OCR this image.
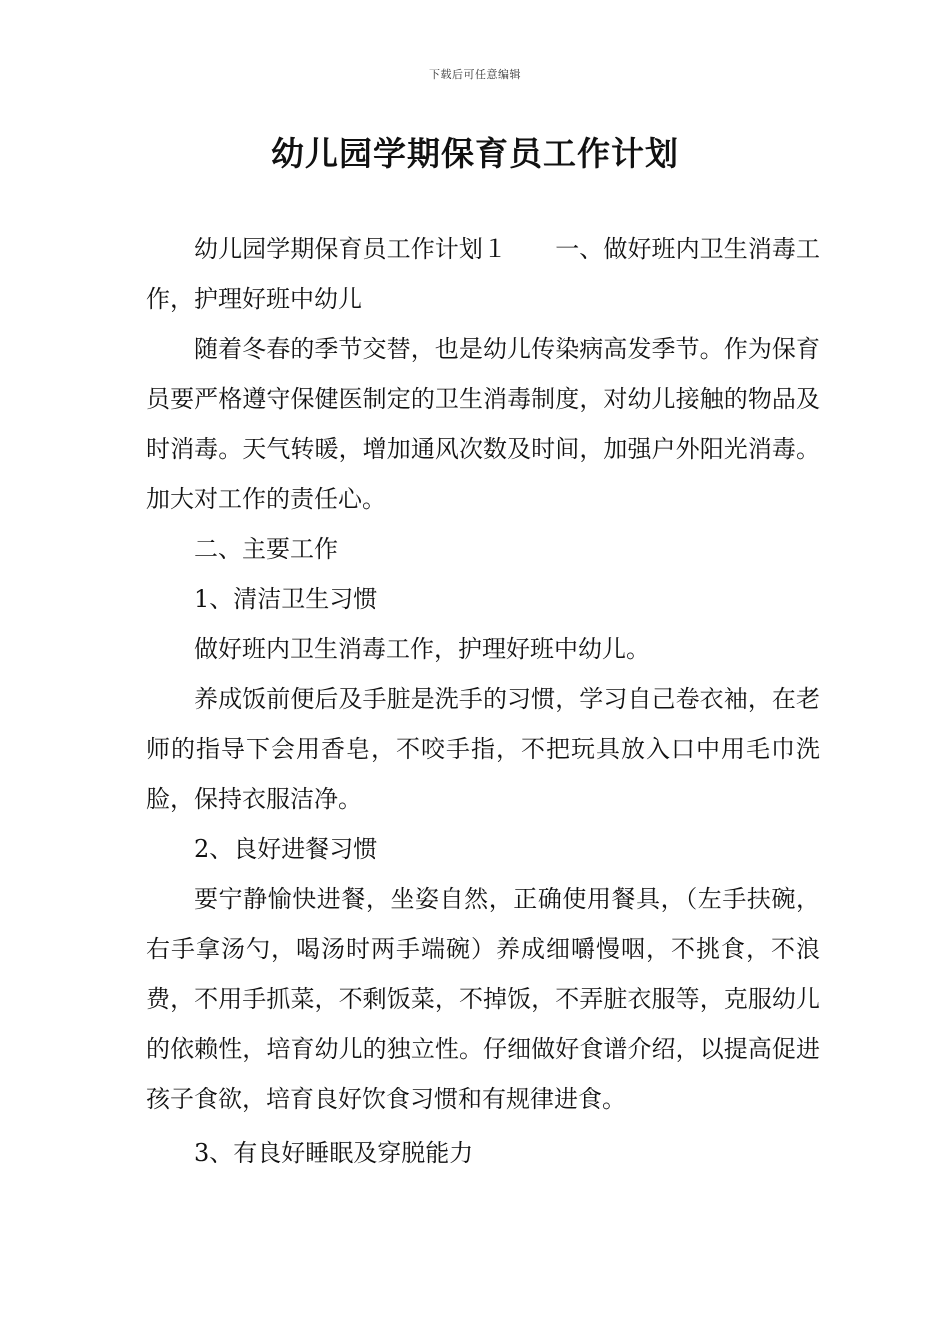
下载后可任意编辑
幼儿园学期保育员工作计划

幼儿园学期保育员工作计划１　　一、做好班内卫生消毒工作，护理好班中幼儿

随着冬春的季节交替，也是幼儿传染病高发季节。作为保育员要严格遵守保健医制定的卫生消毒制度，对幼儿接触的物品及时消毒。天气转暖，增加通风次数及时间，加强户外阳光消毒。加大对工作的责任心。

二、主要工作

1、清洁卫生习惯

做好班内卫生消毒工作，护理好班中幼儿。

养成饭前便后及手脏是洗手的习惯，学习自己卷衣袖，在老师的指导下会用香皂，不咬手指，不把玩具放入口中用毛巾洗脸，保持衣服洁净。

2、良好进餐习惯

要宁静愉快进餐，坐姿自然，正确使用餐具，（左手扶碗，右手拿汤勺，喝汤时两手端碗）养成细嚼慢咽，不挑食，不浪费，不用手抓菜，不剩饭菜，不掉饭，不弄脏衣服等，克服幼儿的依赖性，培育幼儿的独立性。仔细做好食谱介绍，以提高促进孩子食欲，培育良好饮食习惯和有规律进食。

3、有良好睡眠及穿脱能力
